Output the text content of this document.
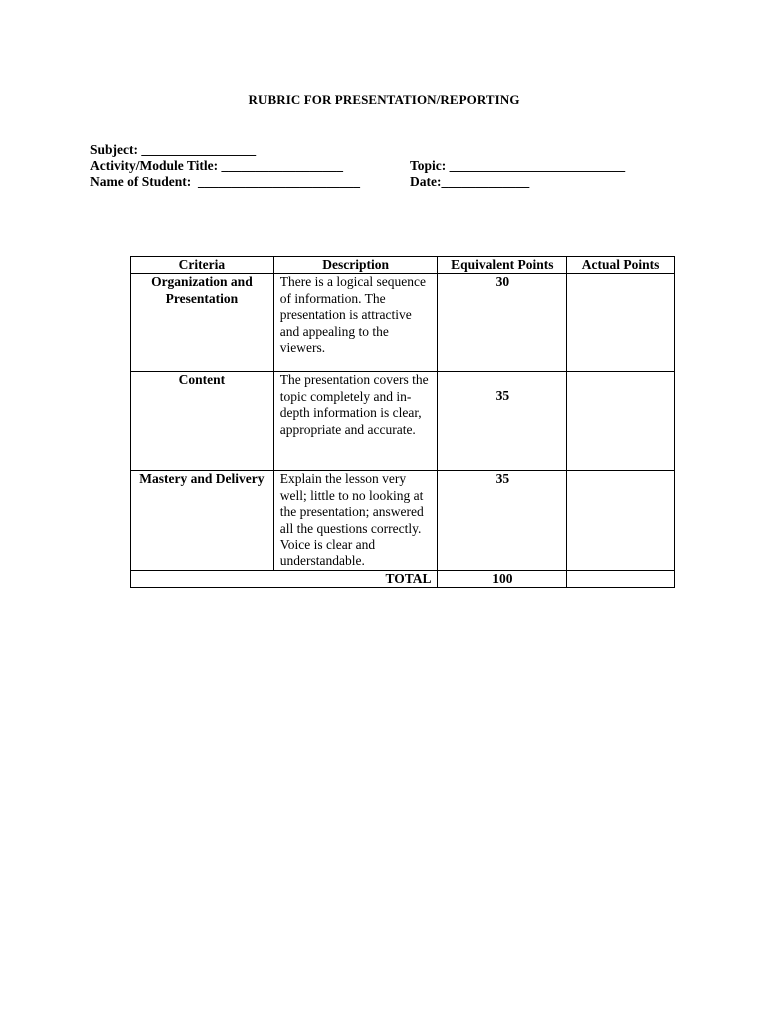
RUBRIC FOR PRESENTATION/REPORTING
Subject: _________________
Activity/Module Title: __________________
Name of Student:  ________________________
Topic: __________________________
Date:_____________
Criteria	Description	Equivalent Points	Actual Points
Organization and Presentation	There is a logical sequence of information. The presentation is attractive and appealing to the viewers.	30	
Content	The presentation covers the topic completely and in-depth information is clear, appropriate and accurate.	35	
Mastery and Delivery	Explain the lesson very well; little to no looking at the presentation; answered all the questions correctly. Voice is clear and understandable.	35	
TOTAL		100	
